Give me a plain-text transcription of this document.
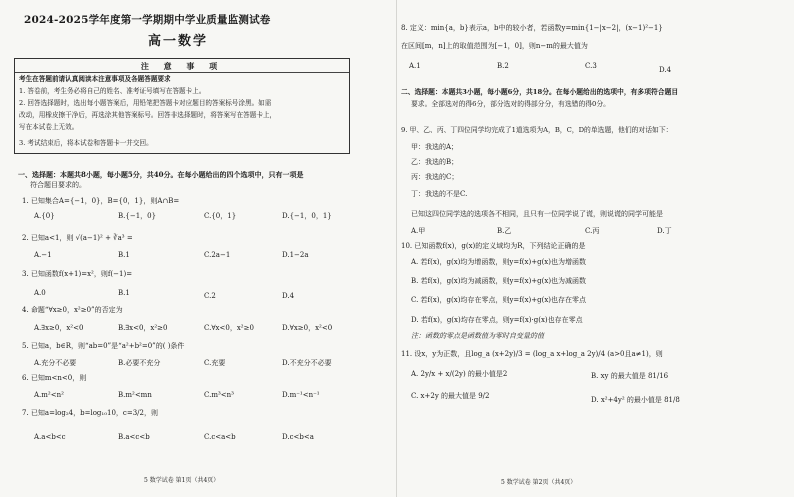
2024-2025学年度第一学期期中学业质量监测试卷
高一数学
注 意 事 项
考生在答题前请认真阅读本注意事项及各题答题要求
1. 答卷前，考生务必将自己的姓名、准考证号填写在答题卡上。
2. 回答选择题时，选出每小题答案后，用铅笔把答题卡对应题目的答案标号涂黑。如需
改动，用橡皮擦干净后，再选涂其他答案标号。回答非选择题时，将答案写在答题卡上，
写在本试卷上无效。
3. 考试结束后，将本试卷和答题卡一并交回。
一、选择题：本题共8小题，每小题5分，共40分。在每小题给出的四个选项中，只有一项是
符合题目要求的。
1. 已知集合A={−1，0}，B={0，1}，则A∩B=
A.{0}	B.{−1，0}	C.{0，1}	D.{−1，0，1}
2. 已知a<1，则 √(a−1)² + ∛a³ =
A.−1	B.1	C.2a−1	D.1−2a
3. 已知函数f(x+1)=x²，则f(−1)=
A.0	B.1	C.2	D.4
4. 命题“∀x≥0，x²≥0”的否定为
A.∃x≥0，x²<0	B.∃x<0，x²≥0	C.∀x<0，x²≥0	D.∀x≥0，x²<0
5. 已知a，b∈R，则“ab=0”是“a²+b²=0”的( )条件
A.充分不必要	B.必要不充分	C.充要	D.不充分不必要
6. 已知m<n<0，则
A.m²<n²	B.m²<mn	C.m³<n³	D.m⁻¹<n⁻¹
7. 已知a=log₂4，b=log₁₀10，c=3/2，则
A.a<b<c	B.a<c<b	C.c<a<b	D.c<b<a
5 数学试卷 第1页（共4页）
8. 定义：min{a，b}表示a，b中的较小者，若函数y=min{1−|x−2|，(x−1)²−1}
在区间[m，n]上的取值范围为[−1，0]，则n−m的最大值为
A.1	B.2	C.3	D.4
二、选择题：本题共3小题，每小题6分，共18分。在每小题给出的选项中，有多项符合题目
要求。全部选对的得6分，部分选对的得部分分，有选错的得0分。
9. 甲、乙、丙、丁四位同学均完成了1道选项为A，B，C，D的单选题，他们的对话如下：
甲：我选的A；
乙：我选的B；
丙：我选的C；
丁：我选的不是C.
已知这四位同学选的选项各不相同，且只有一位同学说了谎，则说谎的同学可能是
A.甲	B.乙	C.丙	D.丁
10. 已知函数f(x)，g(x)的定义域均为R，下列结论正确的是
A. 若f(x)，g(x)均为增函数，则y=f(x)+g(x)也为增函数
B. 若f(x)，g(x)均为减函数，则y=f(x)+g(x)也为减函数
C. 若f(x)，g(x)均存在零点，则y=f(x)+g(x)也存在零点
D. 若f(x)，g(x)均存在零点，则y=f(x)·g(x)也存在零点
注：函数的零点是函数值为零时自变量的值
11. 设x，y为正数，且log_a (x+2y)/3 = (log_a x+log_a 2y)/4 (a>0且a≠1)，则
A. 2y/x + x/(2y) 的最小值是2	B. xy 的最大值是 81/16
C. x+2y 的最大值是 9/2	D. x²+4y² 的最小值是 81/8
5 数学试卷 第2页（共4页）
